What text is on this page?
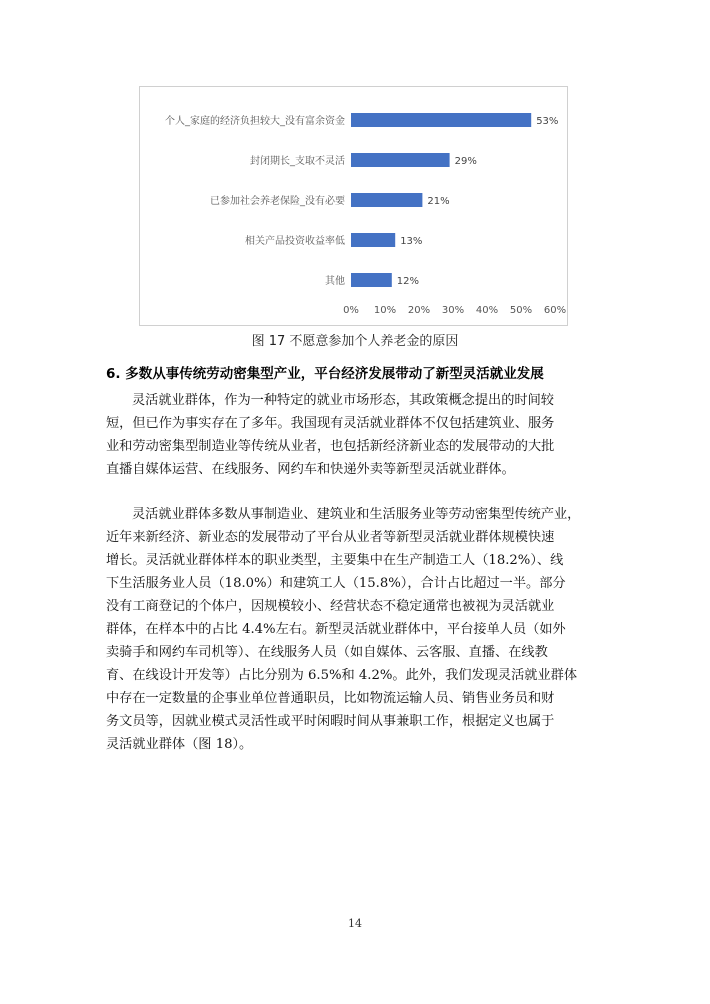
个人_家庭的经济负担较大_没有富余资金	53%
封闭期长_支取不灵活	29%
已参加社会养老保险_没有必要	21%
相关产品投资收益率低	13%
其他	12%
0% 10% 20% 30% 40% 50% 60%
图 17 不愿意参加个人养老金的原因
6. 多数从事传统劳动密集型产业，平台经济发展带动了新型灵活就业发展
灵活就业群体，作为一种特定的就业市场形态，其政策概念提出的时间较
短，但已作为事实存在了多年。我国现有灵活就业群体不仅包括建筑业、服务
业和劳动密集型制造业等传统从业者，也包括新经济新业态的发展带动的大批
直播自媒体运营、在线服务、网约车和快递外卖等新型灵活就业群体。
灵活就业群体多数从事制造业、建筑业和生活服务业等劳动密集型传统产业，
近年来新经济、新业态的发展带动了平台从业者等新型灵活就业群体规模快速
增长。灵活就业群体样本的职业类型，主要集中在生产制造工人（18.2%）、线
下生活服务业人员（18.0%）和建筑工人（15.8%），合计占比超过一半。部分
没有工商登记的个体户，因规模较小、经营状态不稳定通常也被视为灵活就业
群体，在样本中的占比 4.4%左右。新型灵活就业群体中，平台接单人员（如外
卖骑手和网约车司机等）、在线服务人员（如自媒体、云客服、直播、在线教
育、在线设计开发等）占比分别为 6.5%和 4.2%。此外，我们发现灵活就业群体
中存在一定数量的企事业单位普通职员，比如物流运输人员、销售业务员和财
务文员等，因就业模式灵活性或平时闲暇时间从事兼职工作，根据定义也属于
灵活就业群体（图 18）。
14
